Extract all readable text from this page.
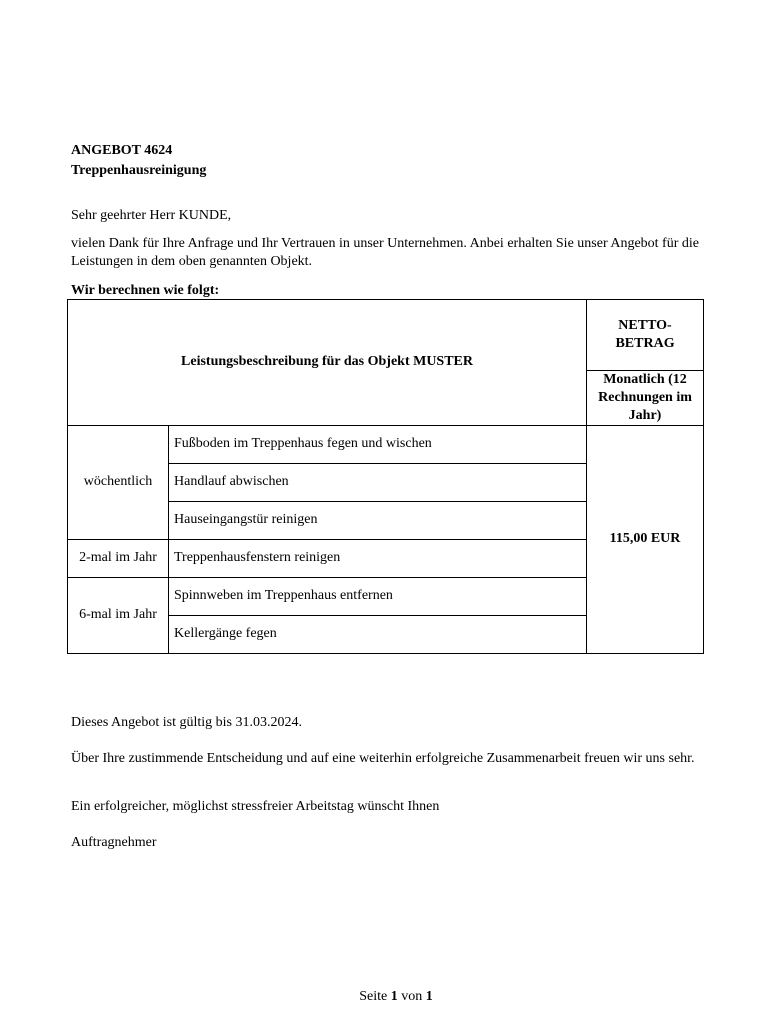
ANGEBOT 4624
Treppenhausreinigung
Sehr geehrter Herr KUNDE,
vielen Dank für Ihre Anfrage und Ihr Vertrauen in unser Unternehmen. Anbei erhalten Sie unser Angebot für die Leistungen in dem oben genannten Objekt.
Wir berechnen wie folgt:
Leistungsbeschreibung für das Objekt MUSTER		NETTO-BETRAG
		Monatlich (12 Rechnungen im Jahr)
wöchentlich	Fußboden im Treppenhaus fegen und wischen	115,00 EUR
	Handlauf abwischen	
	Hauseingangstür reinigen	
2-mal im Jahr	Treppenhausfenstern reinigen	
6-mal im Jahr	Spinnweben im Treppenhaus entfernen	
	Kellergänge fegen	
Dieses Angebot ist gültig bis 31.03.2024.
Über Ihre zustimmende Entscheidung und auf eine weiterhin erfolgreiche Zusammenarbeit freuen wir uns sehr.
Ein erfolgreicher, möglichst stressfreier Arbeitstag wünscht Ihnen
Auftragnehmer
Seite 1 von 1
